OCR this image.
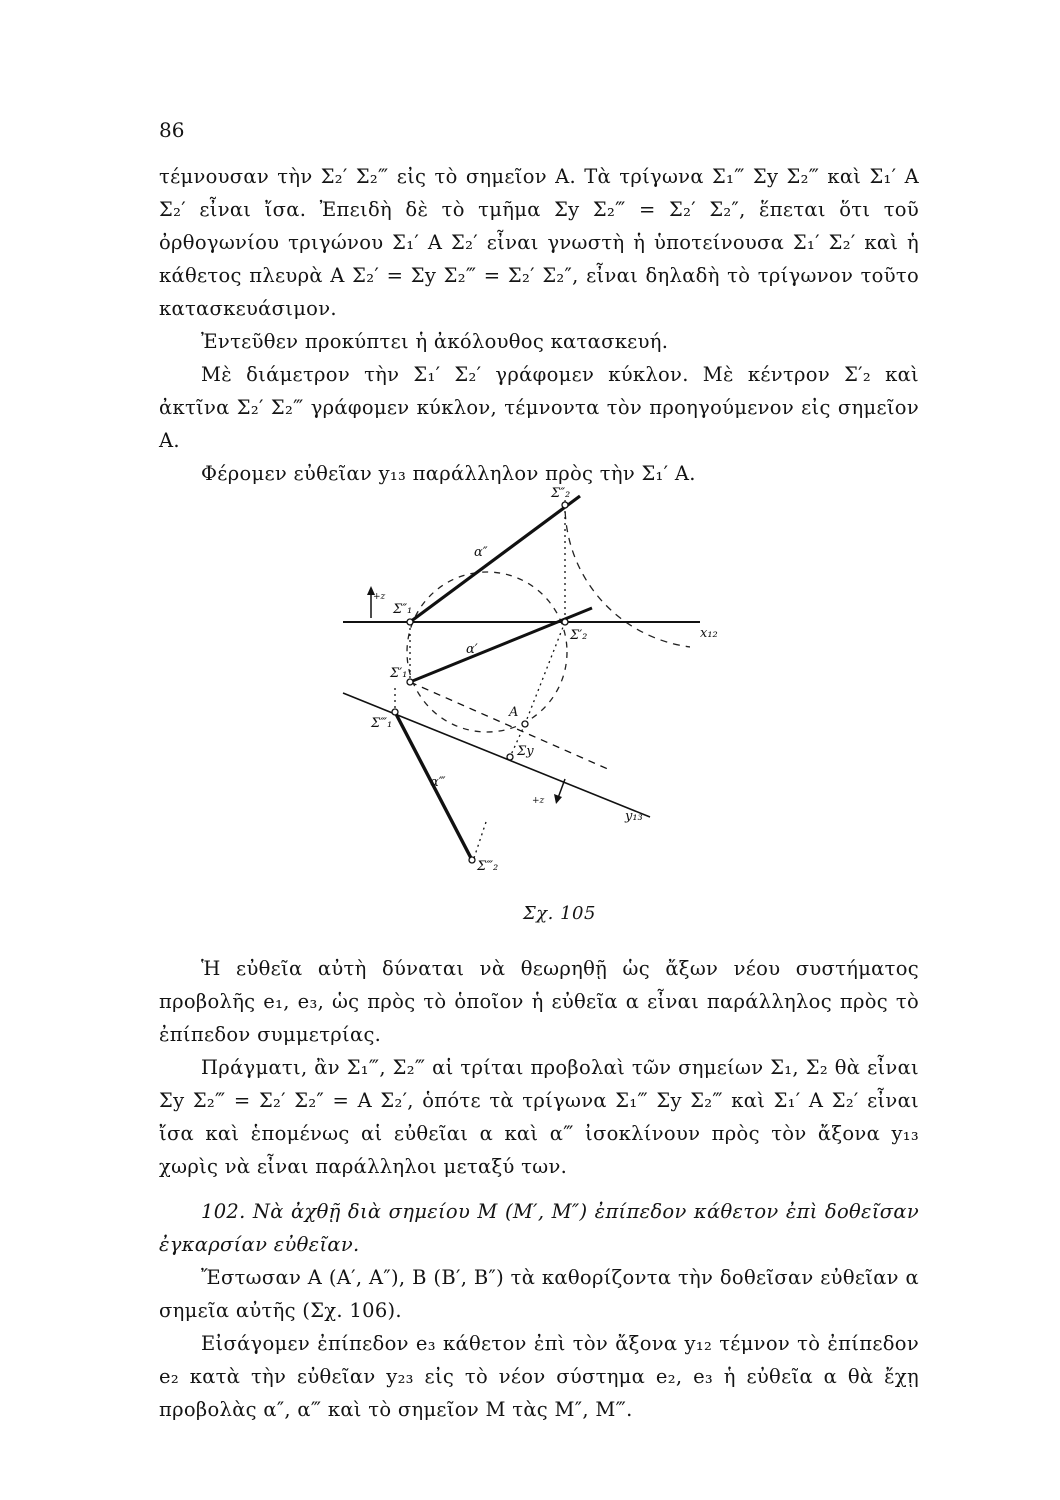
86

τέμνουσαν τὴν Σ₂′ Σ₂‴ εἰς τὸ σημεῖον Α. Τὰ τρίγωνα Σ₁‴ Σy Σ₂‴ καὶ Σ₁′ Α Σ₂′ εἶναι ἴσα. Ἐπειδὴ δὲ τὸ τμῆμα Σy Σ₂‴ = Σ₂′ Σ₂″, ἕπεται ὅτι τοῦ ὀρθογωνίου τριγώνου Σ₁′ Α Σ₂′ εἶναι γνωστὴ ἡ ὑποτείνουσα Σ₁′ Σ₂′ καὶ ἡ κάθετος πλευρὰ Α Σ₂′ = Σy Σ₂‴ = Σ₂′ Σ₂″, εἶναι δηλαδὴ τὸ τρίγωνον τοῦτο κατασκευάσιμον.

Ἐντεῦθεν προκύπτει ἡ ἀκόλουθος κατασκευή.

Μὲ διάμετρον τὴν Σ₁′ Σ₂′ γράφομεν κύκλον. Μὲ κέντρον Σ′₂ καὶ ἀκτῖνα Σ₂′ Σ₂‴ γράφομεν κύκλον, τέμνοντα τὸν προηγούμενον εἰς σημεῖον Α.

Φέρομεν εὐθεῖαν y₁₃ παράλληλον πρὸς τὴν Σ₁′ Α.

Σ″₂
α″
+z
Σ″₁
Σ′₂	x₁₂
α′
Σ′₁
Α
Σ‴₁
Σy
α‴
+z
y₁₃
Σ‴₂
Σχ. 105

Ἡ εὐθεῖα αὐτὴ δύναται νὰ θεωρηθῇ ὡς ἄξων νέου συστήματος προβολῆς e₁, e₃, ὡς πρὸς τὸ ὁποῖον ἡ εὐθεῖα α εἶναι παράλληλος πρὸς τὸ ἐπίπεδον συμμετρίας.

Πράγματι, ἂν Σ₁‴, Σ₂‴ αἱ τρίται προβολαὶ τῶν σημείων Σ₁, Σ₂ θὰ εἶναι Σy Σ₂‴ = Σ₂′ Σ₂″ = Α Σ₂′, ὁπότε τὰ τρίγωνα Σ₁‴ Σy Σ₂‴ καὶ Σ₁′ Α Σ₂′ εἶναι ἴσα καὶ ἑπομένως αἱ εὐθεῖαι α καὶ α‴ ἰσοκλίνουν πρὸς τὸν ἄξονα y₁₃ χωρὶς νὰ εἶναι παράλληλοι μεταξύ των.

102. Νὰ ἀχθῇ διὰ σημείου Μ (Μ′, Μ″) ἐπίπεδον κάθετον ἐπὶ δοθεῖσαν ἐγκαρσίαν εὐθεῖαν.

Ἔστωσαν Α (Α′, Α″), Β (Β′, Β″) τὰ καθορίζοντα τὴν δοθεῖσαν εὐθεῖαν α σημεῖα αὐτῆς (Σχ. 106).

Εἰσάγομεν ἐπίπεδον e₃ κάθετον ἐπὶ τὸν ἄξονα y₁₂ τέμνον τὸ ἐπίπεδον e₂ κατὰ τὴν εὐθεῖαν y₂₃ εἰς τὸ νέον σύστημα e₂, e₃ ἡ εὐθεῖα α θὰ ἔχῃ προβολὰς α″, α‴ καὶ τὸ σημεῖον Μ τὰς Μ″, Μ‴.
